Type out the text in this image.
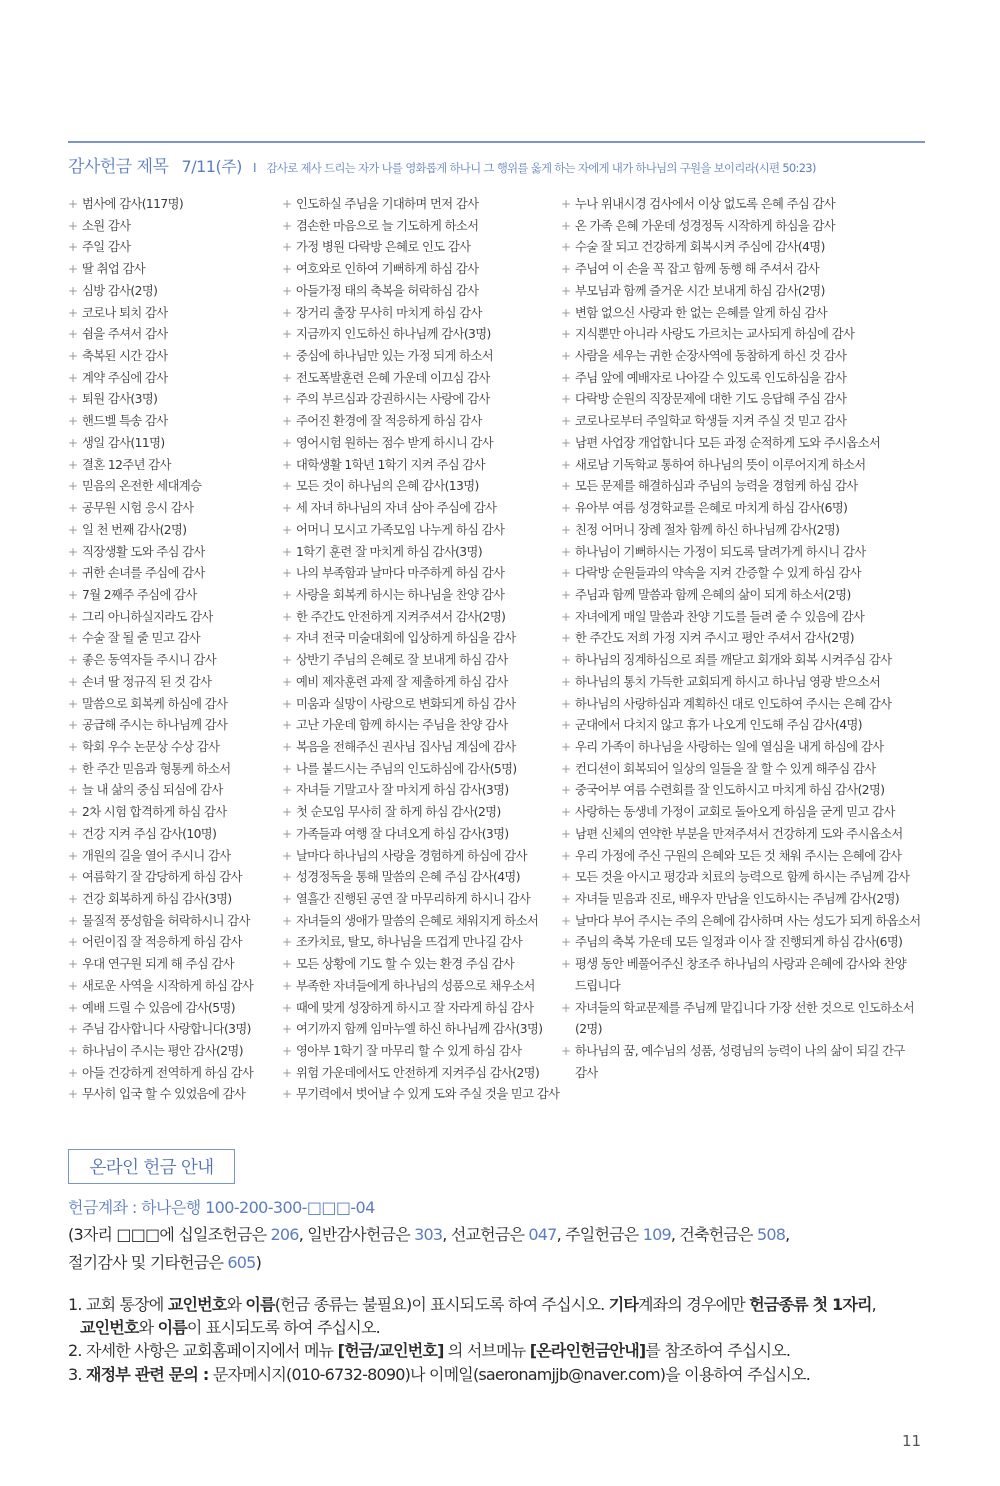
감사헌금 제목 7/11(주) I 감사로 제사 드리는 자가 나를 영화롭게 하나니 그 행위를 옳게 하는 자에게 내가 하나님의 구원을 보이리라(시편 50:23)
+ 범사에 감사(117명)
+ 소원 감사
+ 주일 감사
+ 딸 취업 감사
+ 심방 감사(2명)
+ 코로나 퇴치 감사
+ 쉼을 주셔서 감사
+ 축복된 시간 감사
+ 계약 주심에 감사
+ 퇴원 감사(3명)
+ 핸드벨 특송 감사
+ 생일 감사(11명)
+ 결혼 12주년 감사
+ 믿음의 온전한 세대계승
+ 공무원 시험 응시 감사
+ 일 천 번째 감사(2명)
+ 직장생활 도와 주심 감사
+ 귀한 손녀를 주심에 감사
+ 7월 2째주 주심에 감사
+ 그리 아니하실지라도 감사
+ 수술 잘 될 줄 믿고 감사
+ 좋은 동역자들 주시니 감사
+ 손녀 딸 정규직 된 것 감사
+ 말씀으로 회복케 하심에 감사
+ 공급해 주시는 하나님께 감사
+ 학회 우수 논문상 수상 감사
+ 한 주간 믿음과 형통케 하소서
+ 늘 내 삶의 중심 되심에 감사
+ 2차 시험 합격하게 하심 감사
+ 건강 지켜 주심 감사(10명)
+ 개원의 길을 열어 주시니 감사
+ 여름학기 잘 감당하게 하심 감사
+ 건강 회복하게 하심 감사(3명)
+ 물질적 풍성함을 허락하시니 감사
+ 어린이집 잘 적응하게 하심 감사
+ 우대 연구원 되게 해 주심 감사
+ 새로운 사역을 시작하게 하심 감사
+ 예배 드릴 수 있음에 감사(5명)
+ 주님 감사합니다 사랑합니다(3명)
+ 하나님이 주시는 평안 감사(2명)
+ 아들 건강하게 전역하게 하심 감사
+ 무사히 입국 할 수 있었음에 감사
+ 인도하실 주님을 기대하며 먼저 감사
+ 겸손한 마음으로 늘 기도하게 하소서
+ 가정 병원 다락방 은혜로 인도 감사
+ 여호와로 인하여 기뻐하게 하심 감사
+ 아들가정 태의 축복을 허락하심 감사
+ 장거리 출장 무사히 마치게 하심 감사
+ 지금까지 인도하신 하나님께 감사(3명)
+ 중심에 하나님만 있는 가정 되게 하소서
+ 전도폭발훈련 은혜 가운데 이끄심 감사
+ 주의 부르심과 강권하시는 사랑에 감사
+ 주어진 환경에 잘 적응하게 하심 감사
+ 영어시험 원하는 점수 받게 하시니 감사
+ 대학생활 1학년 1학기 지켜 주심 감사
+ 모든 것이 하나님의 은혜 감사(13명)
+ 세 자녀 하나님의 자녀 삼아 주심에 감사
+ 어머니 모시고 가족모임 나누게 하심 감사
+ 1학기 훈련 잘 마치게 하심 감사(3명)
+ 나의 부족함과 날마다 마주하게 하심 감사
+ 사랑을 회복케 하시는 하나님을 찬양 감사
+ 한 주간도 안전하게 지켜주셔서 감사(2명)
+ 자녀 전국 미술대회에 입상하게 하심을 감사
+ 상반기 주님의 은혜로 잘 보내게 하심 감사
+ 예비 제자훈련 과제 잘 제출하게 하심 감사
+ 미움과 실망이 사랑으로 변화되게 하심 감사
+ 고난 가운데 함께 하시는 주님을 찬양 감사
+ 복음을 전해주신 권사님 집사님 계심에 감사
+ 나를 붙드시는 주님의 인도하심에 감사(5명)
+ 자녀들 기말고사 잘 마치게 하심 감사(3명)
+ 첫 순모임 무사히 잘 하게 하심 감사(2명)
+ 가족들과 여행 잘 다녀오게 하심 감사(3명)
+ 날마다 하나님의 사랑을 경험하게 하심에 감사
+ 성경정독을 통해 말씀의 은혜 주심 감사(4명)
+ 열흘간 진행된 공연 잘 마무리하게 하시니 감사
+ 자녀들의 생애가 말씀의 은혜로 채워지게 하소서
+ 조카치료, 탈모, 하나님을 뜨겁게 만나길 감사
+ 모든 상황에 기도 할 수 있는 환경 주심 감사
+ 부족한 자녀들에게 하나님의 성품으로 채우소서
+ 때에 맞게 성장하게 하시고 잘 자라게 하심 감사
+ 여기까지 함께 임마누엘 하신 하나님께 감사(3명)
+ 영아부 1학기 잘 마무리 할 수 있게 하심 감사
+ 위험 가운데에서도 안전하게 지켜주심 감사(2명)
+ 무기력에서 벗어날 수 있게 도와 주실 것을 믿고 감사
+ 누나 위내시경 검사에서 이상 없도록 은혜 주심 감사
+ 온 가족 은혜 가운데 성경정독 시작하게 하심을 감사
+ 수술 잘 되고 건강하게 회복시켜 주심에 감사(4명)
+ 주님여 이 손을 꼭 잡고 함께 동행 해 주셔서 감사
+ 부모님과 함께 즐거운 시간 보내게 하심 감사(2명)
+ 변함 없으신 사랑과 한 없는 은혜를 알게 하심 감사
+ 지식뿐만 아니라 사랑도 가르치는 교사되게 하심에 감사
+ 사람을 세우는 귀한 순장사역에 동참하게 하신 것 감사
+ 주님 앞에 예배자로 나아갈 수 있도록 인도하심을 감사
+ 다락방 순원의 직장문제에 대한 기도 응답해 주심 감사
+ 코로나로부터 주일학교 학생들 지켜 주실 것 믿고 감사
+ 남편 사업장 개업합니다 모든 과정 순적하게 도와 주시옵소서
+ 새로남 기독학교 통하여 하나님의 뜻이 이루어지게 하소서
+ 모든 문제를 해결하심과 주님의 능력을 경험케 하심 감사
+ 유아부 여름 성경학교를 은혜로 마치게 하심 감사(6명)
+ 친정 어머니 장례 절차 함께 하신 하나님께 감사(2명)
+ 하나님이 기뻐하시는 가정이 되도록 달려가게 하시니 감사
+ 다락방 순원들과의 약속을 지켜 간증할 수 있게 하심 감사
+ 주님과 함께 말씀과 함께 은혜의 삶이 되게 하소서(2명)
+ 자녀에게 매일 말씀과 찬양 기도를 들려 줄 수 있음에 감사
+ 한 주간도 저희 가정 지켜 주시고 평안 주셔서 감사(2명)
+ 하나님의 징계하심으로 죄를 깨닫고 회개와 회복 시켜주심 감사
+ 하나님의 통치 가득한 교회되게 하시고 하나님 영광 받으소서
+ 하나님의 사랑하심과 계획하신 대로 인도하여 주시는 은혜 감사
+ 군대에서 다치지 않고 휴가 나오게 인도해 주심 감사(4명)
+ 우리 가족이 하나님을 사랑하는 일에 열심을 내게 하심에 감사
+ 컨디션이 회복되어 일상의 일들을 잘 할 수 있게 해주심 감사
+ 중국어부 여름 수련회를 잘 인도하시고 마치게 하심 감사(2명)
+ 사랑하는 동생네 가정이 교회로 돌아오게 하심을 굳게 믿고 감사
+ 남편 신체의 연약한 부분을 만져주셔서 건강하게 도와 주시옵소서
+ 우리 가정에 주신 구원의 은혜와 모든 것 채워 주시는 은혜에 감사
+ 모든 것을 아시고 평강과 치료의 능력으로 함께 하시는 주님께 감사
+ 자녀들 믿음과 진로, 배우자 만남을 인도하시는 주님께 감사(2명)
+ 날마다 부어 주시는 주의 은혜에 감사하며 사는 성도가 되게 하옵소서
+ 주님의 축복 가운데 모든 일정과 이사 잘 진행되게 하심 감사(6명)
+ 평생 동안 베풀어주신 창조주 하나님의 사랑과 은혜에 감사와 찬양
드립니다
+ 자녀들의 학교문제를 주님께 맡깁니다 가장 선한 것으로 인도하소서
(2명)
+ 하나님의 꿈, 예수님의 성품, 성령님의 능력이 나의 삶이 되길 간구
감사
온라인 헌금 안내
헌금계좌 : 하나은행 100-200-300-□□□-04
(3자리 □□□에 십일조헌금은 206, 일반감사헌금은 303, 선교헌금은 047, 주일헌금은 109, 건축헌금은 508,
절기감사 및 기타헌금은 605)
1. 교회 통장에 교인번호와 이름(헌금 종류는 불필요)이 표시되도록 하여 주십시오. 기타계좌의 경우에만 헌금종류 첫 1자리,
교인번호와 이름이 표시되도록 하여 주십시오.
2. 자세한 사항은 교회홈페이지에서 메뉴 [헌금/교인번호] 의 서브메뉴 [온라인헌금안내]를 참조하여 주십시오.
3. 재정부 관련 문의 : 문자메시지(010-6732-8090)나 이메일(saeronamjjb@naver.com)을 이용하여 주십시오.
11
